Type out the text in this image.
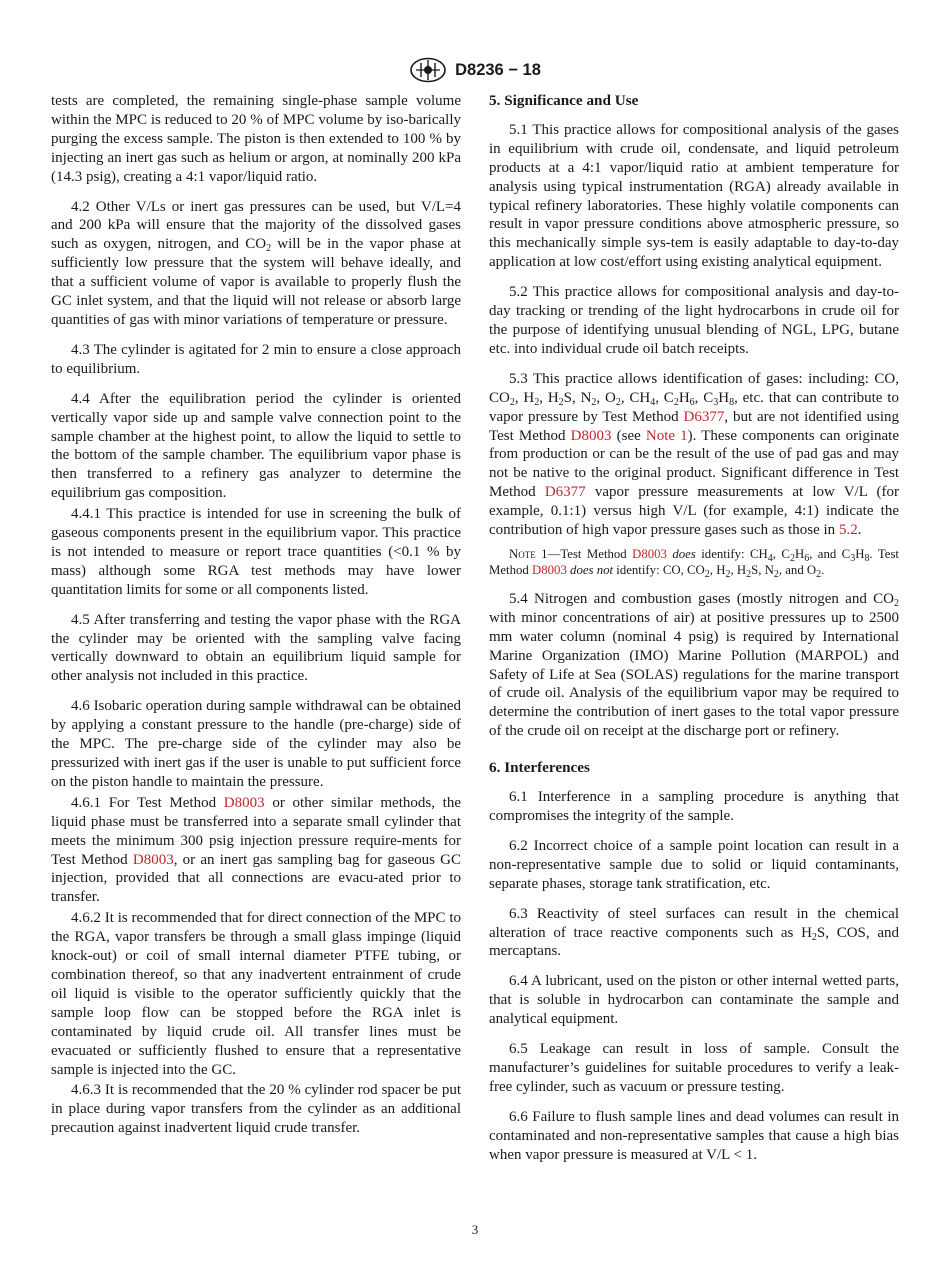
D8236 − 18

tests are completed, the remaining single-phase sample volume within the MPC is reduced to 20 % of MPC volume by iso-barically purging the excess sample. The piston is then extended to 100 % by injecting an inert gas such as helium or argon, at nominally 200 kPa (14.3 psig), creating a 4:1 vapor/liquid ratio.

4.2 Other V/Ls or inert gas pressures can be used, but V/L=4 and 200 kPa will ensure that the majority of the dissolved gases such as oxygen, nitrogen, and $CO_2$ will be in the vapor phase at sufficiently low pressure that the system will behave ideally, and that a sufficient volume of vapor is available to properly flush the GC inlet system, and that the liquid will not release or absorb large quantities of gas with minor variations of temperature or pressure.

4.3 The cylinder is agitated for 2 min to ensure a close approach to equilibrium.

4.4 After the equilibration period the cylinder is oriented vertically vapor side up and sample valve connection point to the sample chamber at the highest point, to allow the liquid to settle to the bottom of the sample chamber. The equilibrium vapor phase is then transferred to a refinery gas analyzer to determine the equilibrium gas composition.

4.4.1 This practice is intended for use in screening the bulk of gaseous components present in the equilibrium vapor. This practice is not intended to measure or report trace quantities (<0.1 % by mass) although some RGA test methods may have lower quantitation limits for some or all components listed.

4.5 After transferring and testing the vapor phase with the RGA the cylinder may be oriented with the sampling valve facing vertically downward to obtain an equilibrium liquid sample for other analysis not included in this practice.

4.6 Isobaric operation during sample withdrawal can be obtained by applying a constant pressure to the handle (pre-charge) side of the MPC. The pre-charge side of the cylinder may also be pressurized with inert gas if the user is unable to put sufficient force on the piston handle to maintain the pressure.

4.6.1 For Test Method D8003 or other similar methods, the liquid phase must be transferred into a separate small cylinder that meets the minimum 300 psig injection pressure require-ments for Test Method D8003, or an inert gas sampling bag for gaseous GC injection, provided that all connections are evacu-ated prior to transfer.

4.6.2 It is recommended that for direct connection of the MPC to the RGA, vapor transfers be through a small glass impinge (liquid knock-out) or coil of small internal diameter PTFE tubing, or combination thereof, so that any inadvertent entrainment of crude oil liquid is visible to the operator sufficiently quickly that the sample loop flow can be stopped before the RGA inlet is contaminated by liquid crude oil. All transfer lines must be evacuated or sufficiently flushed to ensure that a representative sample is injected into the GC.

4.6.3 It is recommended that the 20 % cylinder rod spacer be put in place during vapor transfers from the cylinder as an additional precaution against inadvertent liquid crude transfer.

5. Significance and Use

5.1 This practice allows for compositional analysis of the gases in equilibrium with crude oil, condensate, and liquid petroleum products at a 4:1 vapor/liquid ratio at ambient temperature for analysis using typical instrumentation (RGA) already available in typical refinery laboratories. These highly volatile components can result in vapor pressure conditions above atmospheric pressure, so this mechanically simple sys-tem is easily adaptable to day-to-day application at low cost/effort using existing analytical equipment.

5.2 This practice allows for compositional analysis and day-to-day tracking or trending of the light hydrocarbons in crude oil for the purpose of identifying unusual blending of NGL, LPG, butane etc. into individual crude oil batch receipts.

5.3 This practice allows identification of gases: including: CO, $CO_2$, $H_2$, $H_2S$, $N_2$, $O_2$, $CH_4$, $C_2H_6$, $C_3H_8$, etc. that can contribute to vapor pressure by Test Method D6377, but are not identified using Test Method D8003 (see Note 1). These components can originate from production or can be the result of the use of pad gas and may not be native to the original product. Significant difference in Test Method D6377 vapor pressure measurements at low V/L (for example, 0.1:1) versus high V/L (for example, 4:1) indicate the contribution of high vapor pressure gases such as those in 5.2.

Note 1—Test Method D8003 does identify: $CH_4$, $C_2H_6$, and $C_3H_8$. Test Method D8003 does not identify: CO, $CO_2$, $H_2$, $H_2S$, $N_2$, and $O_2$.

5.4 Nitrogen and combustion gases (mostly nitrogen and $CO_2$ with minor concentrations of air) at positive pressures up to 2500 mm water column (nominal 4 psig) is required by International Marine Organization (IMO) Marine Pollution (MARPOL) and Safety of Life at Sea (SOLAS) regulations for the marine transport of crude oil. Analysis of the equilibrium vapor may be required to determine the contribution of inert gases to the total vapor pressure of the crude oil on receipt at the discharge port or refinery.

6. Interferences

6.1 Interference in a sampling procedure is anything that compromises the integrity of the sample.

6.2 Incorrect choice of a sample point location can result in a non-representative sample due to solid or liquid contaminants, separate phases, storage tank stratification, etc.

6.3 Reactivity of steel surfaces can result in the chemical alteration of trace reactive components such as $H_2S$, COS, and mercaptans.

6.4 A lubricant, used on the piston or other internal wetted parts, that is soluble in hydrocarbon can contaminate the sample and analytical equipment.

6.5 Leakage can result in loss of sample. Consult the manufacturer’s guidelines for suitable procedures to verify a leak-free cylinder, such as vacuum or pressure testing.

6.6 Failure to flush sample lines and dead volumes can result in contaminated and non-representative samples that cause a high bias when vapor pressure is measured at V/L < 1.

3
